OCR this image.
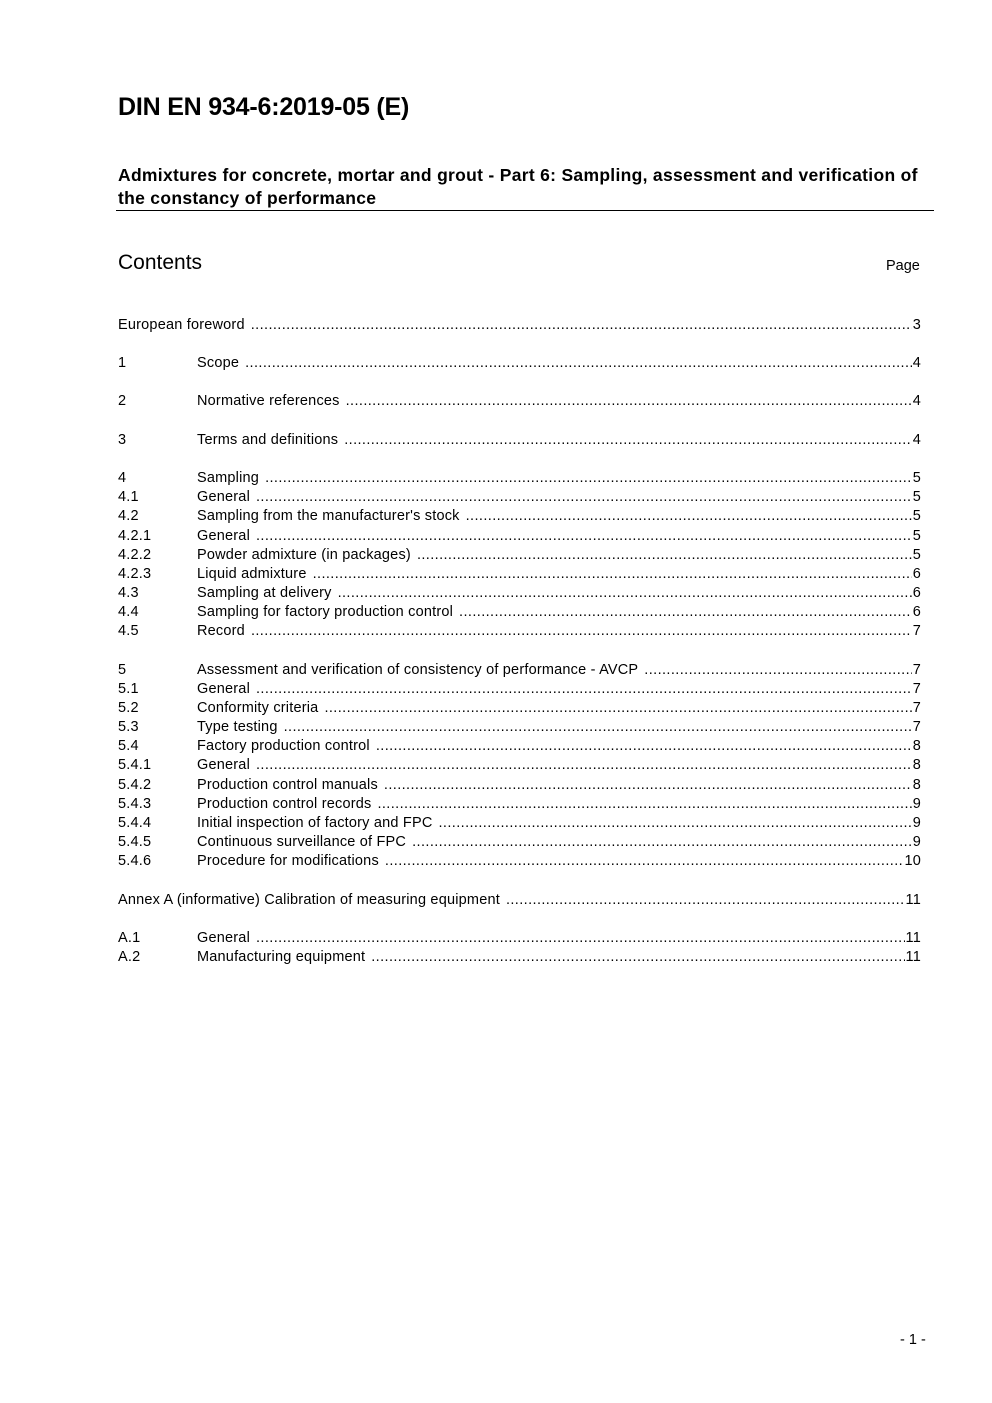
DIN EN 934-6:2019-05 (E)
Admixtures for concrete, mortar and grout - Part 6: Sampling, assessment and verification of the constancy of performance
Contents	Page
European foreword .....	3
1	Scope .....	4
2	Normative references .....	4
3	Terms and definitions .....	4
4	Sampling .....	5
4.1	General .....	5
4.2	Sampling from the manufacturer's stock .....	5
4.2.1	General .....	5
4.2.2	Powder admixture (in packages) .....	5
4.2.3	Liquid admixture .....	6
4.3	Sampling at delivery .....	6
4.4	Sampling for factory production control .....	6
4.5	Record .....	7
5	Assessment and verification of consistency of performance - AVCP .....	7
5.1	General .....	7
5.2	Conformity criteria .....	7
5.3	Type testing .....	7
5.4	Factory production control .....	8
5.4.1	General .....	8
5.4.2	Production control manuals .....	8
5.4.3	Production control records .....	9
5.4.4	Initial inspection of factory and FPC .....	9
5.4.5	Continuous surveillance of FPC .....	9
5.4.6	Procedure for modifications .....	10
Annex A (informative) Calibration of measuring equipment .....	11
A.1	General .....	11
A.2	Manufacturing equipment .....	11
- 1 -
